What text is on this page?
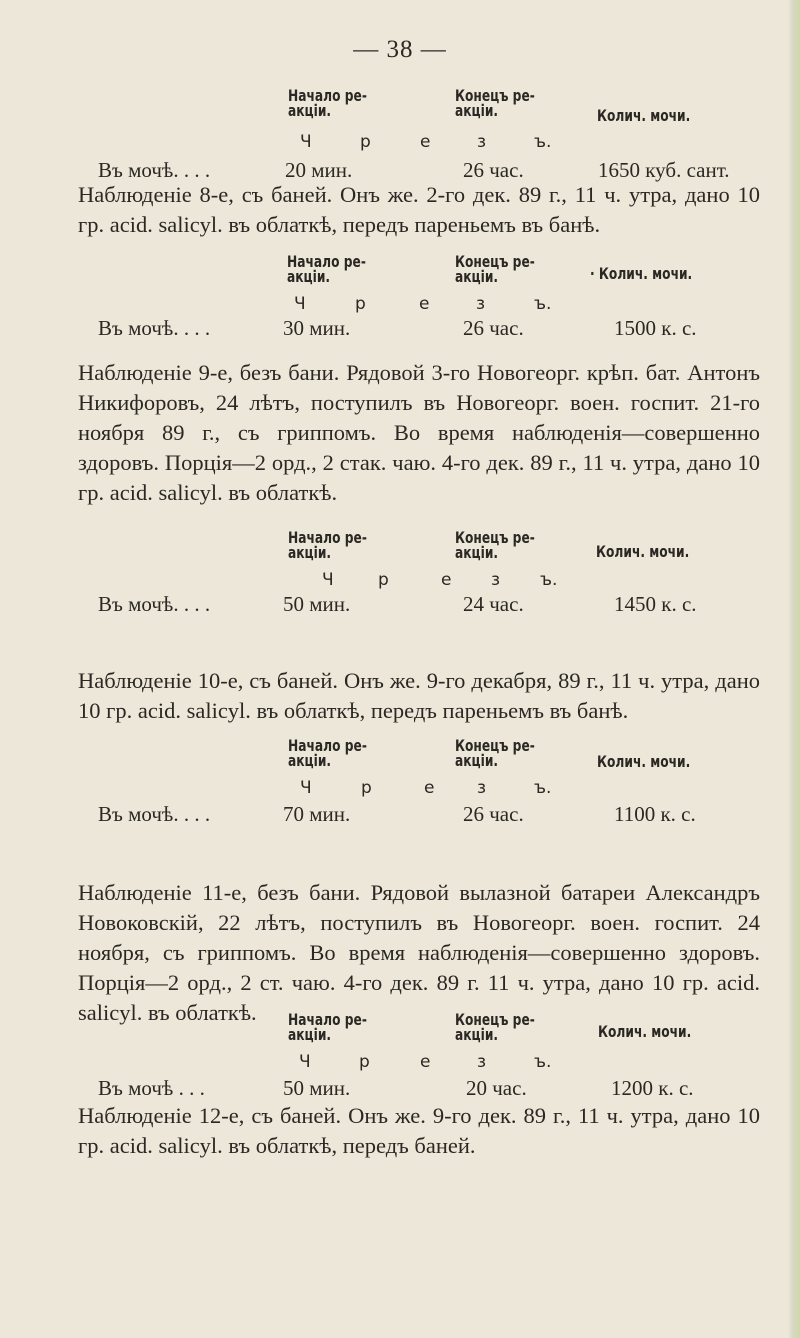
— 38 —
Начало ре-
акціи.
Конецъ ре-
акціи.	Колич. мочи.
Ч	р	е	з	ъ.
Въ мочѣ. . . .	20 мин.	26 час.	1650 куб. сант.

Наблюденіе 8-е, съ баней. Онъ же. 2-го дек. 89 г., 11 ч. утра, дано 10 гр. acid. salicyl. въ облаткѣ, передъ пареньемъ въ банѣ.

Начало ре-
акціи.
Конецъ ре-
акціи.	· Колич. мочи.
Ч	р	е	з	ъ.
Въ мочѣ. . . .	30 мин.	26 час.	1500 к. с.

Наблюденіе 9-е, безъ бани. Рядовой 3-го Новогеорг. крѣп. бат. Антонъ Никифоровъ, 24 лѣтъ, поступилъ въ Новогеорг. воен. госпит. 21-го ноября 89 г., съ гриппомъ. Во время наблюденія—совершенно здоровъ. Порція—2 орд., 2 стак. чаю. 4-го дек. 89 г., 11 ч. утра, дано 10 гр. acid. salicyl. въ облаткѣ.

Начало ре-
акціи.
Конецъ ре-
акціи.	Колич. мочи.
Ч	р	е з ъ.
Въ мочѣ. . . .	50 мин.	24 час.	1450 к. с.

Наблюденіе 10-е, съ баней. Онъ же. 9-го декабря, 89 г., 11 ч. утра, дано 10 гр. acid. salicyl. въ облаткѣ, передъ пареньемъ въ банѣ.

Начало ре-
акціи.
Конецъ ре-
акціи.	Колич. мочи.
Ч	р	е	з	ъ.
Въ мочѣ. . . .	70 мин.	26 час.	1100 к. с.

Наблюденіе 11-е, безъ бани. Рядовой вылазной батареи Александръ Новоковскій, 22 лѣтъ, поступилъ въ Новогеорг. воен. госпит. 24 ноября, съ гриппомъ. Во время наблюденія—совершенно здоровъ. Порція—2 орд., 2 ст. чаю. 4-го дек. 89 г. 11 ч. утра, дано 10 гр. acid. salicyl. въ облаткѣ.	Начало ре-
акціи.
Конецъ ре-
акціи.	Колич. мочи.
Ч	р	е	з	ъ.
Въ мочѣ . . .	50 мин.	20 час.	1200 к. с.

Наблюденіе 12-е, съ баней. Онъ же. 9-го дек. 89 г., 11 ч. утра, дано 10 гр. acid. salicyl. въ облаткѣ, передъ баней.
